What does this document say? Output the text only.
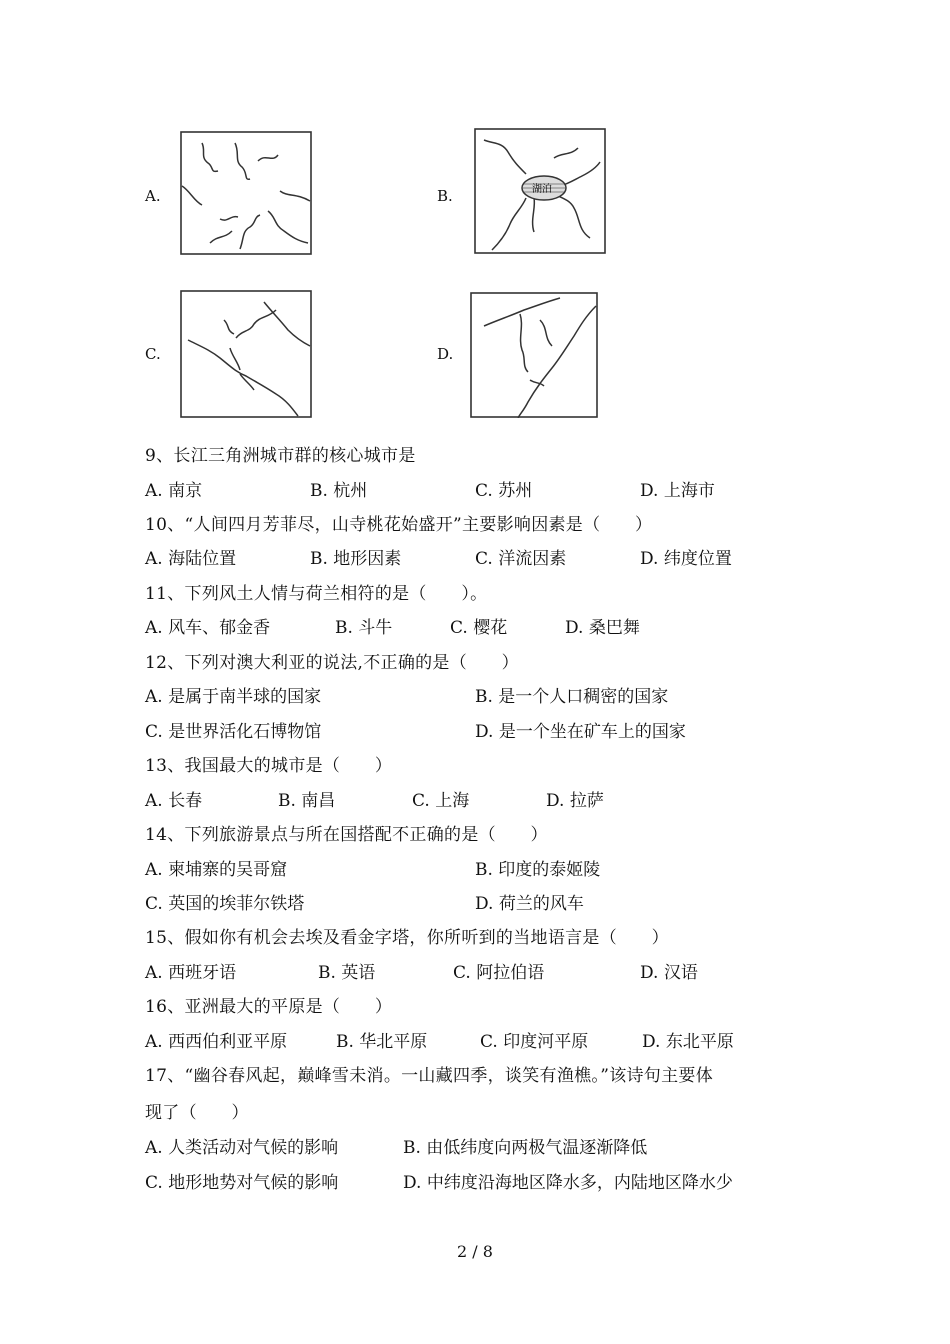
A.	B.	湖泊
C.	D.
9、长江三角洲城市群的核心城市是
A. 南京	B. 杭州	C. 苏州	D. 上海市
10、“人间四月芳菲尽，山寺桃花始盛开”主要影响因素是（　　）
A. 海陆位置	B. 地形因素	C. 洋流因素	D. 纬度位置
11、下列风土人情与荷兰相符的是（　　）。
A. 风车、郁金香	B. 斗牛	C. 樱花	D. 桑巴舞
12、下列对澳大利亚的说法,不正确的是（　　）
A. 是属于南半球的国家	B. 是一个人口稠密的国家
C. 是世界活化石博物馆	D. 是一个坐在矿车上的国家
13、我国最大的城市是（　　）
A. 长春	B. 南昌	C. 上海	D. 拉萨
14、下列旅游景点与所在国搭配不正确的是（　　）
A. 柬埔寨的吴哥窟	B. 印度的泰姬陵
C. 英国的埃菲尔铁塔	D. 荷兰的风车
15、假如你有机会去埃及看金字塔，你所听到的当地语言是（　　）
A. 西班牙语	B. 英语	C. 阿拉伯语	D. 汉语
16、亚洲最大的平原是（　　）
A. 西西伯利亚平原	B. 华北平原	C. 印度河平原	D. 东北平原
17、“幽谷春风起，巅峰雪未消。一山藏四季，谈笑有渔樵。”该诗句主要体
现了（　　）
A. 人类活动对气候的影响	B. 由低纬度向两极气温逐渐降低
C. 地形地势对气候的影响	D. 中纬度沿海地区降水多，内陆地区降水少
2 / 8
